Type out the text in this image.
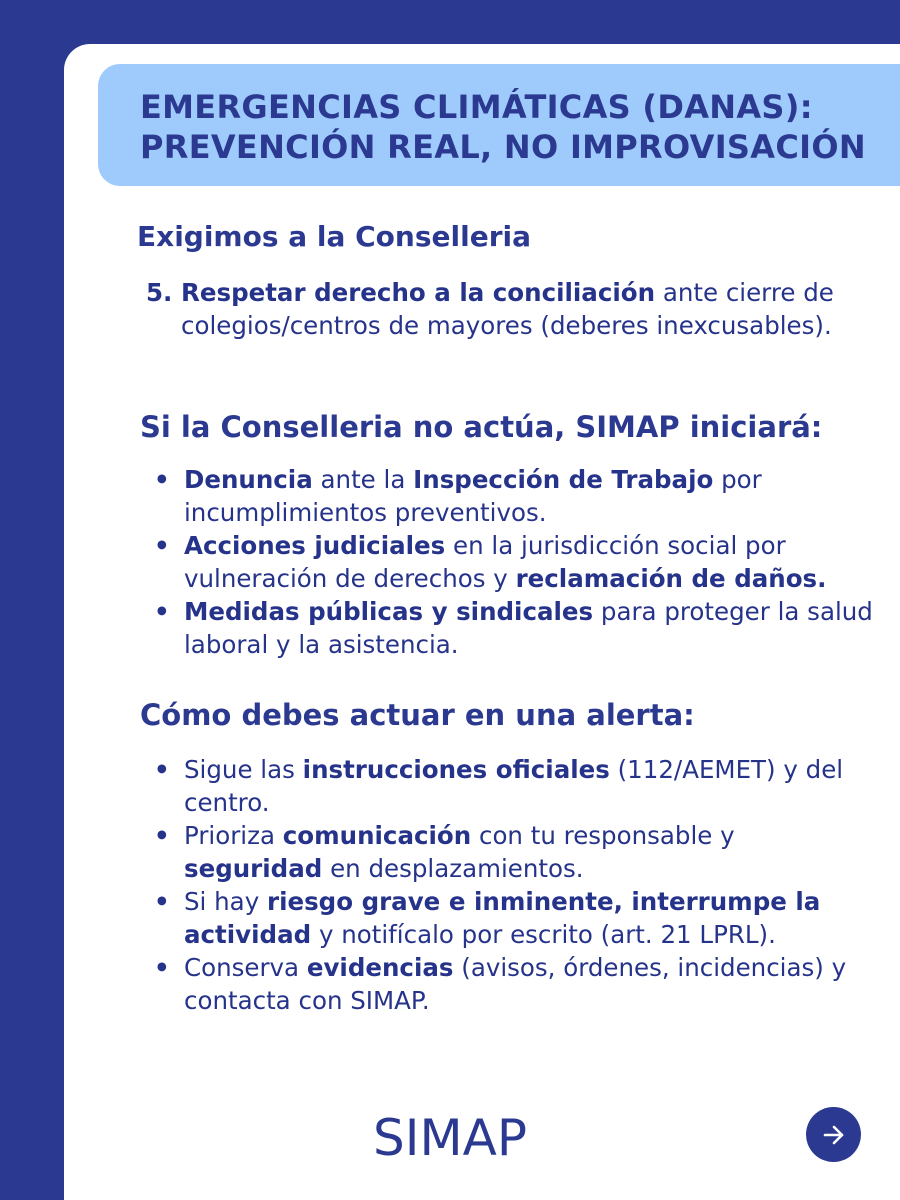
EMERGENCIAS CLIMÁTICAS (DANAS):
PREVENCIÓN REAL, NO IMPROVISACIÓN
Exigimos a la Conselleria
5. Respetar derecho a la conciliación ante cierre de colegios/centros de mayores (deberes inexcusables).
Si la Conselleria no actúa, SIMAP iniciará:
• Denuncia ante la Inspección de Trabajo por incumplimientos preventivos.
• Acciones judiciales en la jurisdicción social por vulneración de derechos y reclamación de daños.
• Medidas públicas y sindicales para proteger la salud laboral y la asistencia.
Cómo debes actuar en una alerta:
• Sigue las instrucciones oficiales (112/AEMET) y del centro.
• Prioriza comunicación con tu responsable y seguridad en desplazamientos.
• Si hay riesgo grave e inminente, interrumpe la actividad y notifícalo por escrito (art. 21 LPRL).
• Conserva evidencias (avisos, órdenes, incidencias) y contacta con SIMAP.
SIMAP
